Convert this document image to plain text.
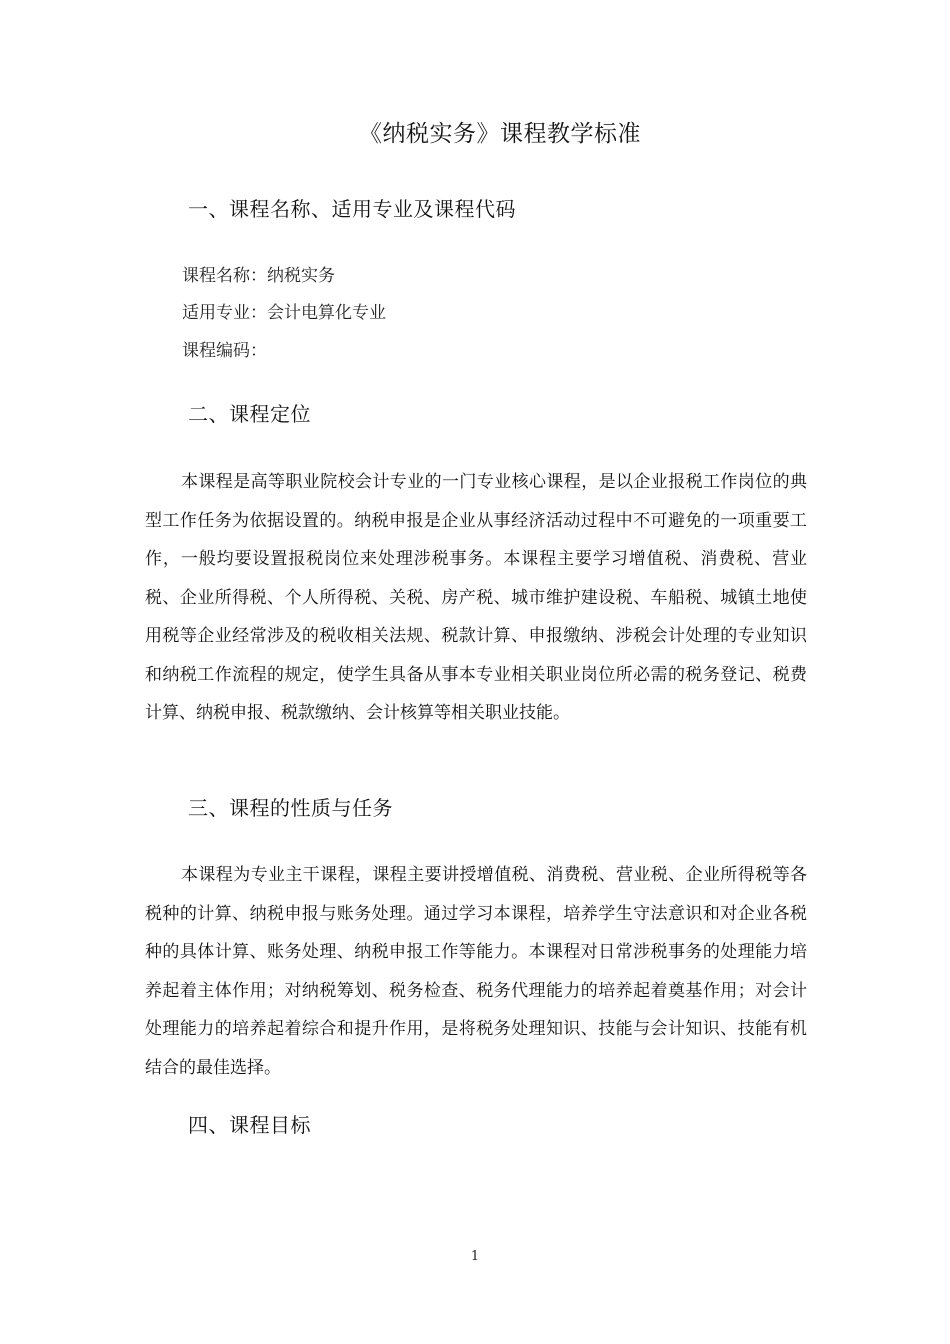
《纳税实务》课程教学标准
一、课程名称、适用专业及课程代码
课程名称：纳税实务
适用专业：会计电算化专业
课程编码：
二、课程定位

本课程是高等职业院校会计专业的一门专业核心课程，是以企业报税工作岗位的典型工作任务为依据设置的。纳税申报是企业从事经济活动过程中不可避免的一项重要工作，一般均要设置报税岗位来处理涉税事务。本课程主要学习增值税、消费税、营业税、企业所得税、个人所得税、关税、房产税、城市维护建设税、车船税、城镇土地使用税等企业经常涉及的税收相关法规、税款计算、申报缴纳、涉税会计处理的专业知识和纳税工作流程的规定，使学生具备从事本专业相关职业岗位所必需的税务登记、税费计算、纳税申报、税款缴纳、会计核算等相关职业技能。

三、课程的性质与任务

本课程为专业主干课程，课程主要讲授增值税、消费税、营业税、企业所得税等各税种的计算、纳税申报与账务处理。通过学习本课程，培养学生守法意识和对企业各税种的具体计算、账务处理、纳税申报工作等能力。本课程对日常涉税事务的处理能力培养起着主体作用；对纳税筹划、税务检查、税务代理能力的培养起着奠基作用；对会计处理能力的培养起着综合和提升作用，是将税务处理知识、技能与会计知识、技能有机结合的最佳选择。

四、课程目标
1
